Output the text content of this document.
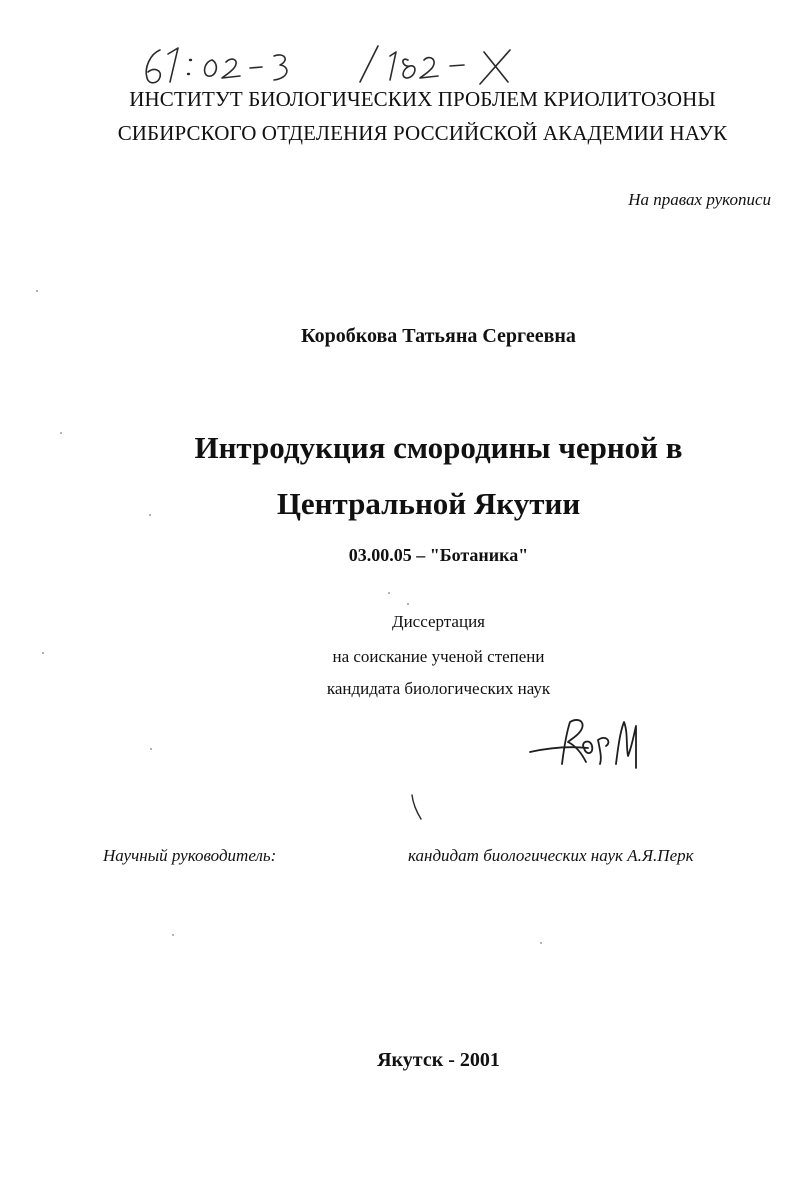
ИНСТИТУТ БИОЛОГИЧЕСКИХ ПРОБЛЕМ КРИОЛИТОЗОНЫ
СИБИРСКОГО ОТДЕЛЕНИЯ РОССИЙСКОЙ АКАДЕМИИ НАУК
На правах рукописи
Коробкова Татьяна Сергеевна
Интродукция смородины черной в
Центральной Якутии
03.00.05 – "Ботаника"
Диссертация
на соискание ученой степени
кандидата биологических наук
Научный руководитель:	кандидат биологических наук А.Я.Перк
Якутск - 2001
